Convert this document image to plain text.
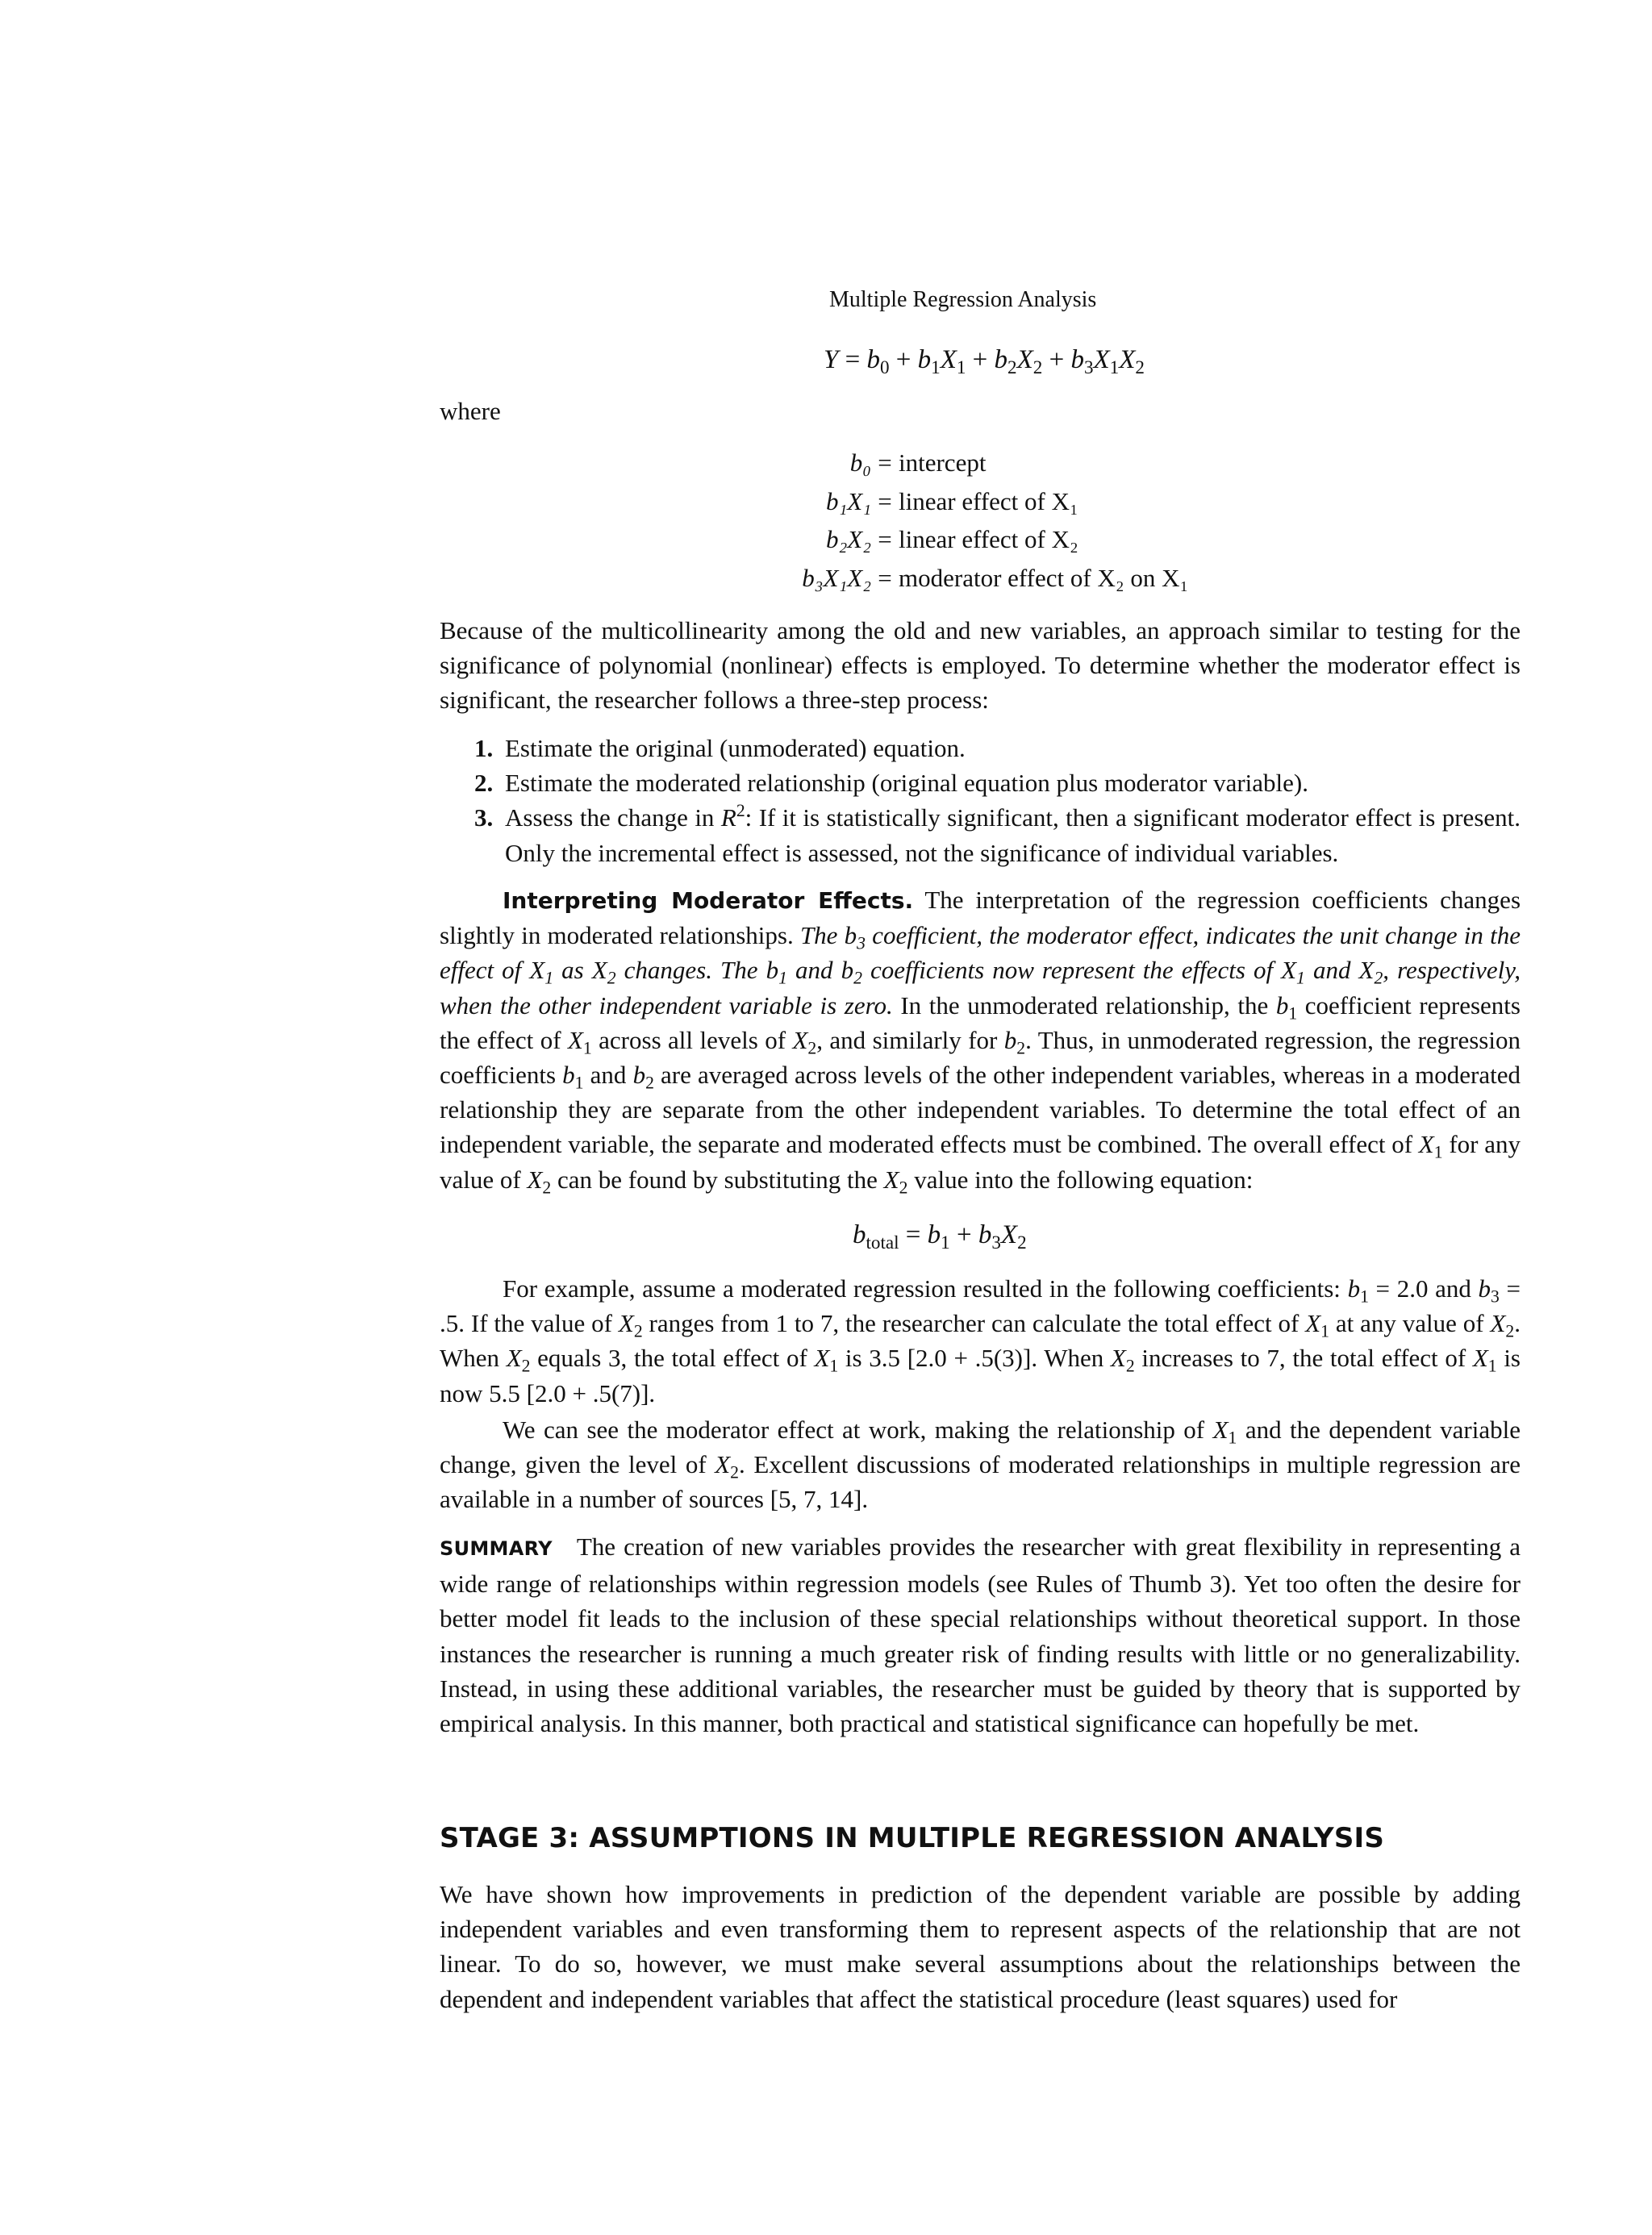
Multiple Regression Analysis
$Y = b_0 + b_1X_1 + b_2X_2 + b_3X_1X_2$
where
b₀ = intercept
b₁X₁ = linear effect of X₁
b₂X₂ = linear effect of X₂
b₃X₁X₂ = moderator effect of X₂ on X₁

Because of the multicollinearity among the old and new variables, an approach similar to testing for the significance of polynomial (nonlinear) effects is employed. To determine whether the moderator effect is significant, the researcher follows a three-step process:

1. Estimate the original (unmoderated) equation.
2. Estimate the moderated relationship (original equation plus moderator variable).
3. Assess the change in $R^2$: If it is statistically significant, then a significant moderator effect is present. Only the incremental effect is assessed, not the significance of individual variables.

Interpreting Moderator Effects. The interpretation of the regression coefficients changes slightly in moderated relationships. The $b_3$ coefficient, the moderator effect, indicates the unit change in the effect of $X_1$ as $X_2$ changes. The $b_1$ and $b_2$ coefficients now represent the effects of $X_1$ and $X_2$, respectively, when the other independent variable is zero. In the unmoderated relationship, the $b_1$ coefficient represents the effect of $X_1$ across all levels of $X_2$, and similarly for $b_2$. Thus, in unmoderated regression, the regression coefficients $b_1$ and $b_2$ are averaged across levels of the other independent variables, whereas in a moderated relationship they are separate from the other independent variables. To determine the total effect of an independent variable, the separate and moderated effects must be combined. The overall effect of $X_1$ for any value of $X_2$ can be found by substituting the $X_2$ value into the following equation:

$b_{total} = b_1 + b_3X_2$

For example, assume a moderated regression resulted in the following coefficients: $b_1 = 2.0$ and $b_3 = .5$. If the value of $X_2$ ranges from 1 to 7, the researcher can calculate the total effect of $X_1$ at any value of $X_2$. When $X_2$ equals 3, the total effect of $X_1$ is 3.5 [2.0 + .5(3)]. When $X_2$ increases to 7, the total effect of $X_1$ is now 5.5 [2.0 + .5(7)].

We can see the moderator effect at work, making the relationship of $X_1$ and the dependent variable change, given the level of $X_2$. Excellent discussions of moderated relationships in multiple regression are available in a number of sources [5, 7, 14].

SUMMARY The creation of new variables provides the researcher with great flexibility in representing a wide range of relationships within regression models (see Rules of Thumb 3). Yet too often the desire for better model fit leads to the inclusion of these special relationships without theoretical support. In those instances the researcher is running a much greater risk of finding results with little or no generalizability. Instead, in using these additional variables, the researcher must be guided by theory that is supported by empirical analysis. In this manner, both practical and statistical significance can hopefully be met.

STAGE 3: ASSUMPTIONS IN MULTIPLE REGRESSION ANALYSIS

We have shown how improvements in prediction of the dependent variable are possible by adding independent variables and even transforming them to represent aspects of the relationship that are not linear. To do so, however, we must make several assumptions about the relationships between the dependent and independent variables that affect the statistical procedure (least squares) used for
